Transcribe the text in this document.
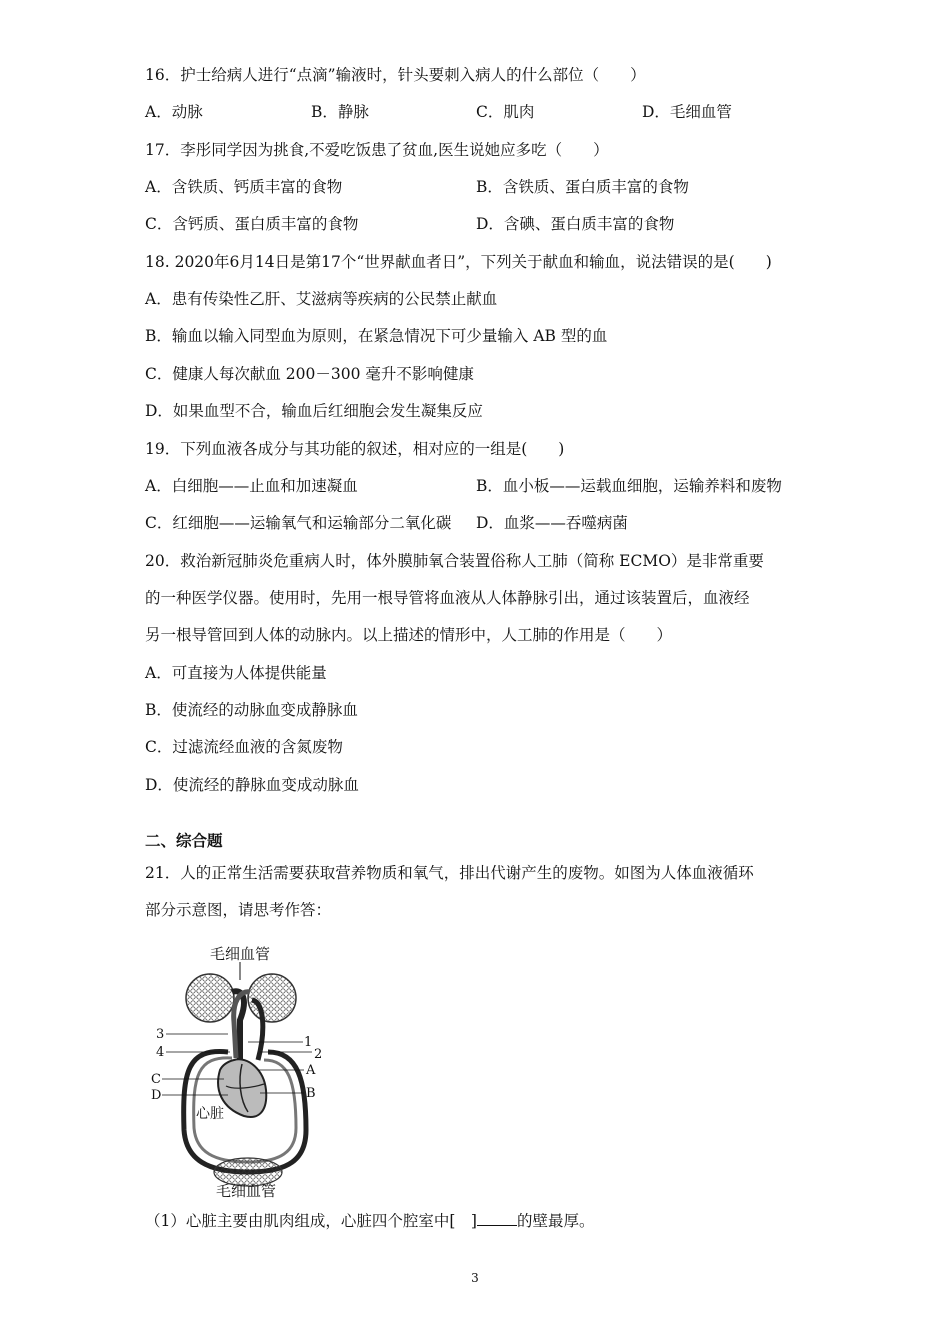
16．护士给病人进行“点滴”输液时，针头要刺入病人的什么部位（　　）
A．动脉	B．静脉	C．肌肉	D．毛细血管
17．李彤同学因为挑食,不爱吃饭患了贫血,医生说她应多吃（　　）
A．含铁质、钙质丰富的食物	B．含铁质、蛋白质丰富的食物
C．含钙质、蛋白质丰富的食物	D．含碘、蛋白质丰富的食物
18. 2020年6月14日是第17个“世界献血者日”，下列关于献血和输血，说法错误的是(　　)
A．患有传染性乙肝、艾滋病等疾病的公民禁止献血
B．输血以输入同型血为原则，在紧急情况下可少量输入 AB 型的血
C．健康人每次献血 200－300 毫升不影响健康
D．如果血型不合，输血后红细胞会发生凝集反应
19．下列血液各成分与其功能的叙述，相对应的一组是(　　)
A．白细胞——止血和加速凝血	B．血小板——运载血细胞，运输养料和废物
C．红细胞——运输氧气和运输部分二氧化碳 D．血浆——吞噬病菌
20．救治新冠肺炎危重病人时，体外膜肺氧合装置俗称人工肺（简称 ECMO）是非常重要
的一种医学仪器。使用时，先用一根导管将血液从人体静脉引出，通过该装置后，血液经
另一根导管回到人体的动脉内。以上描述的情形中，人工肺的作用是（　　）
A．可直接为人体提供能量
B．使流经的动脉血变成静脉血
C．过滤流经血液的含氮废物
D．使流经的静脉血变成动脉血
二、综合题
21．人的正常生活需要获取营养物质和氧气，排出代谢产生的废物。如图为人体血液循环
部分示意图，请思考作答：
毛细血管
3
4
C
D
1
2
A
B
心脏
毛细血管
（1）心脏主要由肌肉组成，心脏四个腔室中[　]	的壁最厚。
3
